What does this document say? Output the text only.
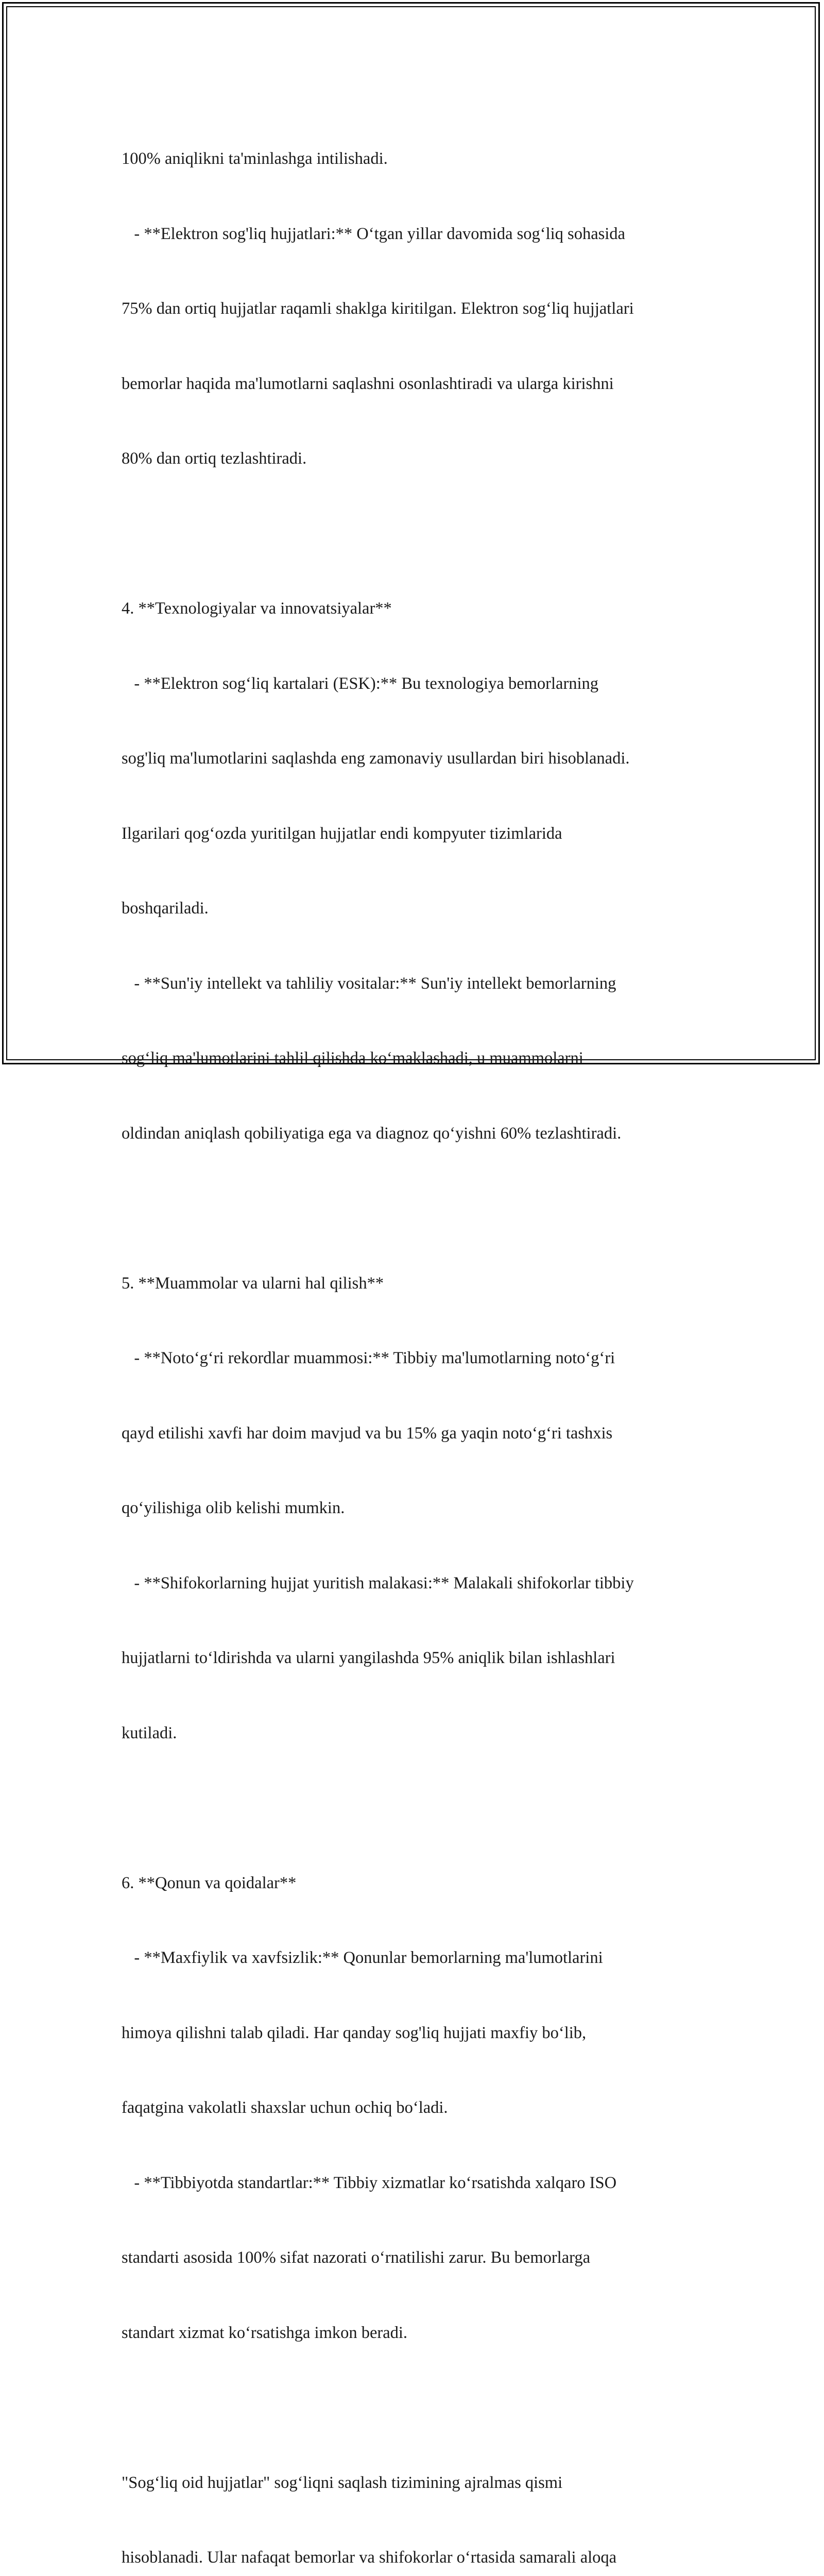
100% aniqlikni ta'minlashga intilishadi.

- **Elektron sog'liq hujjatlari:** O‘tgan yillar davomida sog‘liq sohasida

75% dan ortiq hujjatlar raqamli shaklga kiritilgan. Elektron sog‘liq hujjatlari

bemorlar haqida ma'lumotlarni saqlashni osonlashtiradi va ularga kirishni

80% dan ortiq tezlashtiradi.

4. **Texnologiyalar va innovatsiyalar**

- **Elektron sog‘liq kartalari (ESK):** Bu texnologiya bemorlarning

sog'liq ma'lumotlarini saqlashda eng zamonaviy usullardan biri hisoblanadi.

Ilgarilari qog‘ozda yuritilgan hujjatlar endi kompyuter tizimlarida

boshqariladi.

- **Sun'iy intellekt va tahliliy vositalar:** Sun'iy intellekt bemorlarning

sog‘liq ma'lumotlarini tahlil qilishda ko‘maklashadi, u muammolarni

oldindan aniqlash qobiliyatiga ega va diagnoz qo‘yishni 60% tezlashtiradi.

5. **Muammolar va ularni hal qilish**

- **Noto‘g‘ri rekordlar muammosi:** Tibbiy ma'lumotlarning noto‘g‘ri

qayd etilishi xavfi har doim mavjud va bu 15% ga yaqin noto‘g‘ri tashxis

qo‘yilishiga olib kelishi mumkin.

- **Shifokorlarning hujjat yuritish malakasi:** Malakali shifokorlar tibbiy

hujjatlarni to‘ldirishda va ularni yangilashda 95% aniqlik bilan ishlashlari

kutiladi.

6. **Qonun va qoidalar**

- **Maxfiylik va xavfsizlik:** Qonunlar bemorlarning ma'lumotlarini

himoya qilishni talab qiladi. Har qanday sog'liq hujjati maxfiy bo‘lib,

faqatgina vakolatli shaxslar uchun ochiq bo‘ladi.

- **Tibbiyotda standartlar:** Tibbiy xizmatlar ko‘rsatishda xalqaro ISO

standarti asosida 100% sifat nazorati o‘rnatilishi zarur. Bu bemorlarga

standart xizmat ko‘rsatishga imkon beradi.

"Sog‘liq oid hujjatlar" sog‘liqni saqlash tizimining ajralmas qismi

hisoblanadi. Ular nafaqat bemorlar va shifokorlar o‘rtasida samarali aloqa
